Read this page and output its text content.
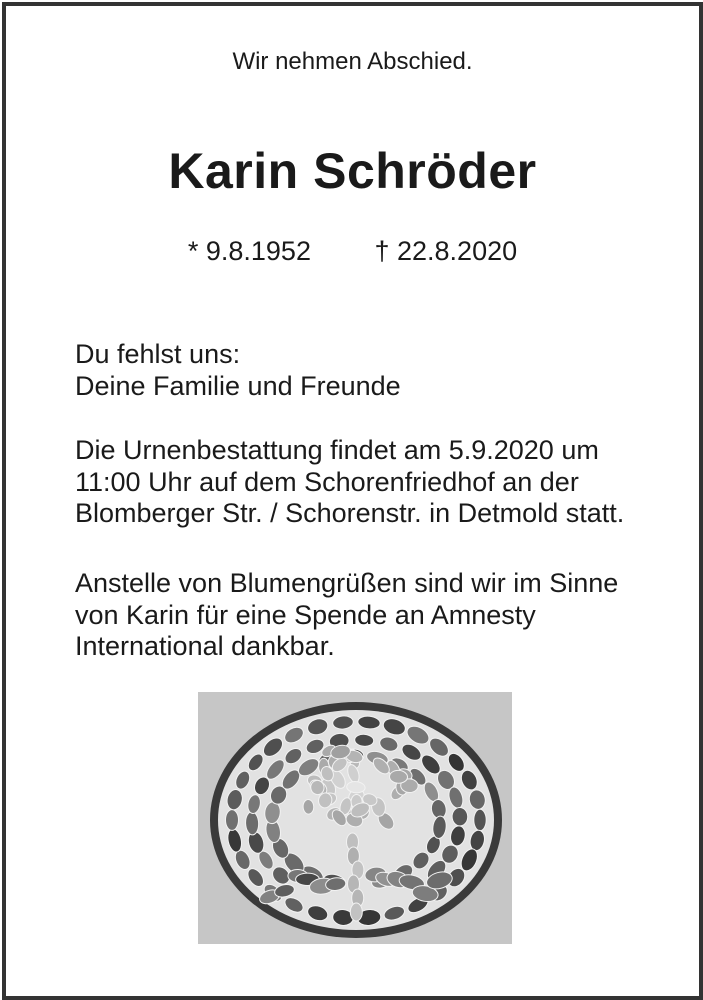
Wir nehmen Abschied.
Karin Schröder
* 9.8.1952 † 22.8.2020
Du fehlst uns:
Deine Familie und Freunde
Die Urnenbestattung findet am 5.9.2020 um
11:00 Uhr auf dem Schorenfriedhof an der
Blomberger Str. / Schorenstr. in Detmold statt.
Anstelle von Blumengrüßen sind wir im Sinne
von Karin für eine Spende an Amnesty
International dankbar.
